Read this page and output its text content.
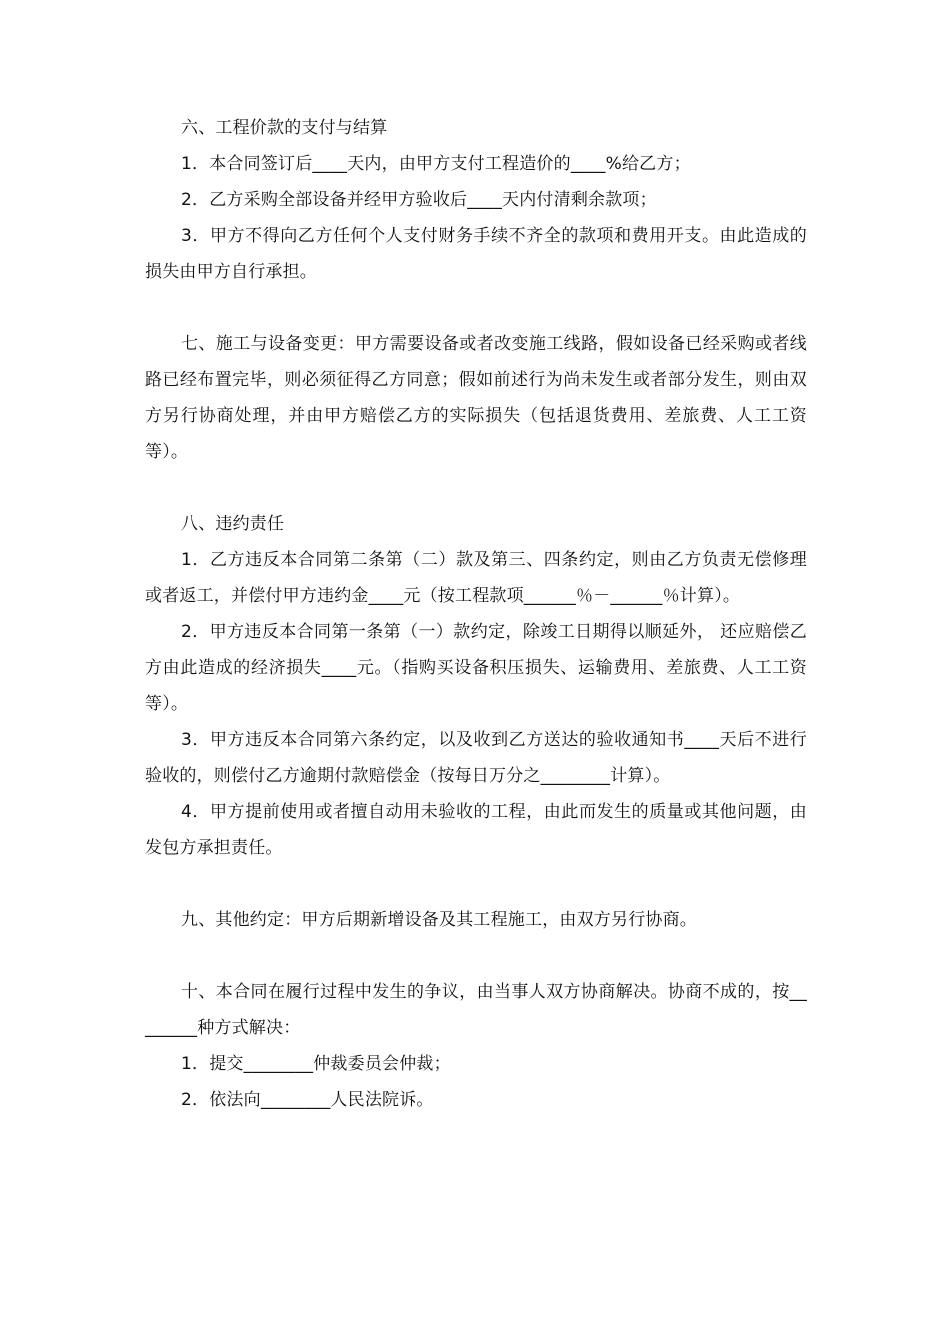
六、工程价款的支付与结算
1．本合同签订后____天内，由甲方支付工程造价的____%给乙方；
2．乙方采购全部设备并经甲方验收后____天内付清剩余款项；
3．甲方不得向乙方任何个人支付财务手续不齐全的款项和费用开支。由此造成的损失由甲方自行承担。
七、施工与设备变更：甲方需要设备或者改变施工线路，假如设备已经采购或者线路已经布置完毕，则必须征得乙方同意；假如前述行为尚未发生或者部分发生，则由双方另行协商处理，并由甲方赔偿乙方的实际损失（包括退货费用、差旅费、人工工资等）。
八、违约责任
1．乙方违反本合同第二条第（二）款及第三、四条约定，则由乙方负责无偿修理或者返工，并偿付甲方违约金____元（按工程款项______％－______％计算）。
2．甲方违反本合同第一条第（一）款约定，除竣工日期得以顺延外， 还应赔偿乙方由此造成的经济损失____元。（指购买设备积压损失、运输费用、差旅费、人工工资等）。
3．甲方违反本合同第六条约定，以及收到乙方送达的验收通知书____天后不进行验收的，则偿付乙方逾期付款赔偿金（按每日万分之________计算）。
4．甲方提前使用或者擅自动用未验收的工程，由此而发生的质量或其他问题，由发包方承担责任。
九、其他约定：甲方后期新增设备及其工程施工，由双方另行协商。
十、本合同在履行过程中发生的争议，由当事人双方协商解决。协商不成的，按________种方式解决：
1．提交________仲裁委员会仲裁；
2．依法向________人民法院诉。
